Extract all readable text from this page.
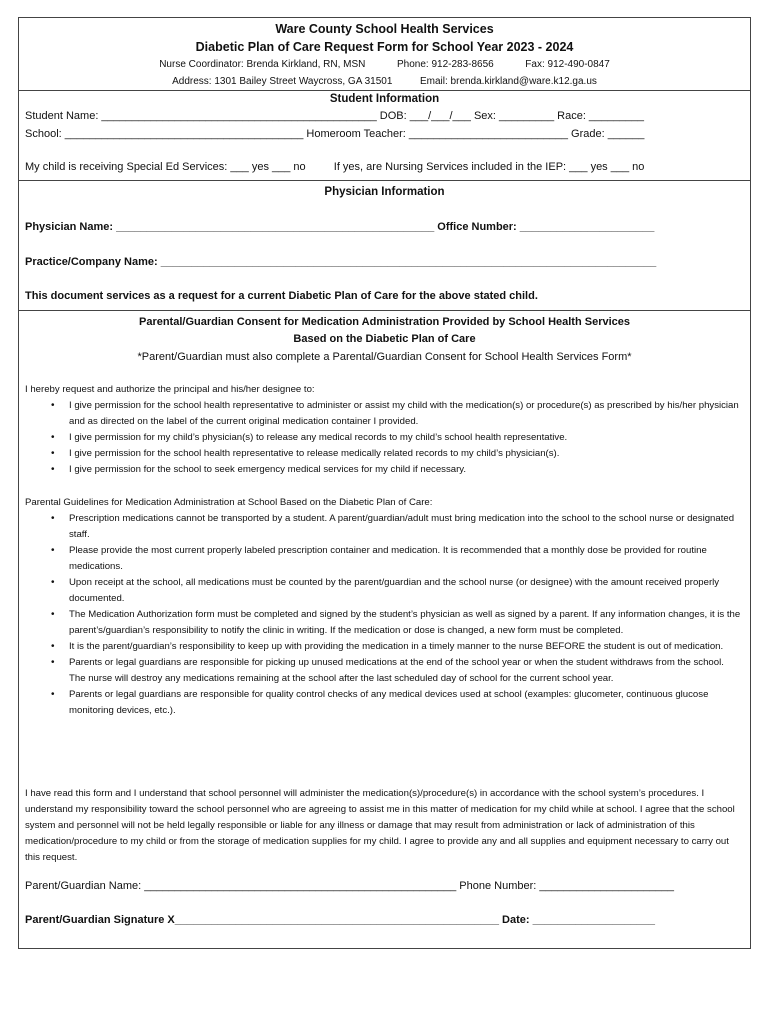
Ware County School Health Services
Diabetic Plan of Care Request Form for School Year 2023 - 2024
Nurse Coordinator: Brenda Kirkland, RN, MSN	Phone: 912-283-8656	Fax: 912-490-0847
Address: 1301 Bailey Street Waycross, GA 31501	Email: brenda.kirkland@ware.k12.ga.us
Student Information
Student Name: _____________________________________________ DOB: ___/___/___ Sex: _________ Race: _________
School: _______________________________________ Homeroom Teacher: __________________________ Grade: ______
My child is receiving Special Ed Services: ___ yes ___ no	If yes, are Nursing Services included in the IEP: ___ yes ___ no
Physician Information
Physician Name: ____________________________________________________ Office Number: ______________________
Practice/Company Name: _________________________________________________________________________________
This document services as a request for a current Diabetic Plan of Care for the above stated child.
Parental/Guardian Consent for Medication Administration Provided by School Health Services
Based on the Diabetic Plan of Care
*Parent/Guardian must also complete a Parental/Guardian Consent for School Health Services Form*
I hereby request and authorize the principal and his/her designee to:
• I give permission for the school health representative to administer or assist my child with the medication(s) or procedure(s) as prescribed by his/her physician and as directed on the label of the current original medication container I provided.
• I give permission for my child’s physician(s) to release any medical records to my child’s school health representative.
• I give permission for the school health representative to release medically related records to my child’s physician(s).
• I give permission for the school to seek emergency medical services for my child if necessary.
Parental Guidelines for Medication Administration at School Based on the Diabetic Plan of Care:
• Prescription medications cannot be transported by a student. A parent/guardian/adult must bring medication into the school to the school nurse or designated staff.
• Please provide the most current properly labeled prescription container and medication. It is recommended that a monthly dose be provided for routine medications.
• Upon receipt at the school, all medications must be counted by the parent/guardian and the school nurse (or designee) with the amount received properly documented.
• The Medication Authorization form must be completed and signed by the student’s physician as well as signed by a parent. If any information changes, it is the parent’s/guardian’s responsibility to notify the clinic in writing. If the medication or dose is changed, a new form must be completed.
• It is the parent/guardian’s responsibility to keep up with providing the medication in a timely manner to the nurse BEFORE the student is out of medication.
• Parents or legal guardians are responsible for picking up unused medications at the end of the school year or when the student withdraws from the school. The nurse will destroy any medications remaining at the school after the last scheduled day of school for the current school year.
• Parents or legal guardians are responsible for quality control checks of any medical devices used at school (examples: glucometer, continuous glucose monitoring devices, etc.).
I have read this form and I understand that school personnel will administer the medication(s)/procedure(s) in accordance with the school system’s procedures. I understand my responsibility toward the school personnel who are agreeing to assist me in this matter of medication for my child while at school. I agree that the school system and personnel will not be held legally responsible or liable for any illness or damage that may result from administration or lack of administration of this medication/procedure to my child or from the storage of medication supplies for my child. I agree to provide any and all supplies and equipment necessary to carry out this request.
Parent/Guardian Name: ___________________________________________________ Phone Number: ______________________
Parent/Guardian Signature X_____________________________________________________ Date: ____________________
